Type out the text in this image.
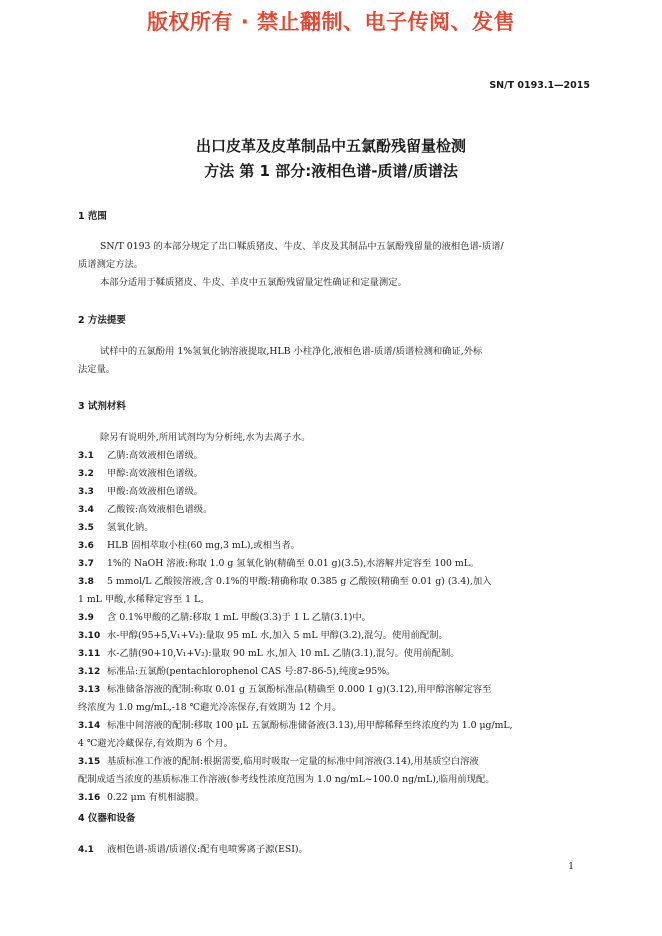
版权所有 · 禁止翻制、电子传阅、发售
SN/T 0193.1—2015
出口皮革及皮革制品中五氯酚残留量检测
方法 第 1 部分:液相色谱-质谱/质谱法
1 范围
SN/T 0193 的本部分规定了出口鞣质猪皮、牛皮、羊皮及其制品中五氯酚残留量的液相色谱-质谱/
质谱测定方法。
本部分适用于鞣质猪皮、牛皮、羊皮中五氯酚残留量定性确证和定量测定。
2 方法提要
试样中的五氯酚用 1%氢氧化钠溶液提取,HLB 小柱净化,液相色谱-质谱/质谱检测和确证,外标
法定量。
3 试剂材料
除另有说明外,所用试剂均为分析纯,水为去离子水。
3.1 乙腈:高效液相色谱级。
3.2 甲醇:高效液相色谱级。
3.3 甲酸:高效液相色谱级。
3.4 乙酸铵:高效液相色谱级。
3.5 氢氧化钠。
3.6 HLB 固相萃取小柱(60 mg,3 mL),或相当者。
3.7 1%的 NaOH 溶液:称取 1.0 g 氢氧化钠(精确至 0.01 g)(3.5),水溶解并定容至 100 mL。
3.8 5 mmol/L 乙酸铵溶液,含 0.1%的甲酸:精确称取 0.385 g 乙酸铵(精确至 0.01 g) (3.4),加入
1 mL 甲酸,水稀释定容至 1 L。
3.9 含 0.1%甲酸的乙腈:移取 1 mL 甲酸(3.3)于 1 L 乙腈(3.1)中。
3.10 水-甲醇(95+5,V₁+V₂):量取 95 mL 水,加入 5 mL 甲醇(3.2),混匀。使用前配制。
3.11 水-乙腈(90+10,V₁+V₂):量取 90 mL 水,加入 10 mL 乙腈(3.1),混匀。使用前配制。
3.12 标准品:五氯酚(pentachlorophenol CAS 号:87-86-5),纯度≥95%。
3.13 标准储备溶液的配制:称取 0.01 g 五氯酚标准品(精确至 0.000 1 g)(3.12),用甲醇溶解定容至
终浓度为 1.0 mg/mL,-18 ℃避光冷冻保存,有效期为 12 个月。
3.14 标准中间溶液的配制:移取 100 μL 五氯酚标准储备液(3.13),用甲醇稀释至终浓度约为 1.0 μg/mL,
4 ℃避光冷藏保存,有效期为 6 个月。
3.15 基质标准工作液的配制:根据需要,临用时吸取一定量的标准中间溶液(3.14),用基质空白溶液
配制成适当浓度的基质标准工作溶液(参考线性浓度范围为 1.0 ng/mL~100.0 ng/mL),临用前现配。
3.16 0.22 μm 有机相滤膜。
4 仪器和设备
4.1 液相色谱-质谱/质谱仪:配有电喷雾离子源(ESI)。
1
